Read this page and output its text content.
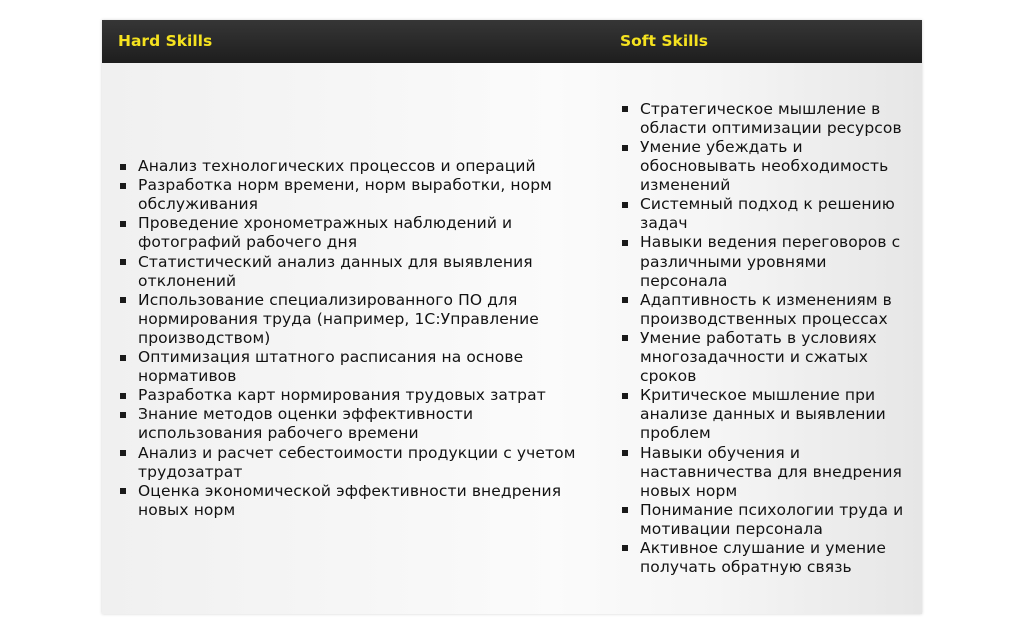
Hard Skills	Soft Skills
Анализ технологических процессов и операций
Разработка норм времени, норм выработки, норм обслуживания
Проведение хронометражных наблюдений и фотографий рабочего дня
Статистический анализ данных для выявления отклонений
Использование специализированного ПО для нормирования труда (например, 1С:Управление производством)
Оптимизация штатного расписания на основе нормативов
Разработка карт нормирования трудовых затрат
Знание методов оценки эффективности использования рабочего времени
Анализ и расчет себестоимости продукции с учетом трудозатрат
Оценка экономической эффективности внедрения новых норм
Стратегическое мышление в области оптимизации ресурсов
Умение убеждать и обосновывать необходимость изменений
Системный подход к решению задач
Навыки ведения переговоров с различными уровнями персонала
Адаптивность к изменениям в производственных процессах
Умение работать в условиях многозадачности и сжатых сроков
Критическое мышление при анализе данных и выявлении проблем
Навыки обучения и наставничества для внедрения новых норм
Понимание психологии труда и мотивации персонала
Активное слушание и умение получать обратную связь
